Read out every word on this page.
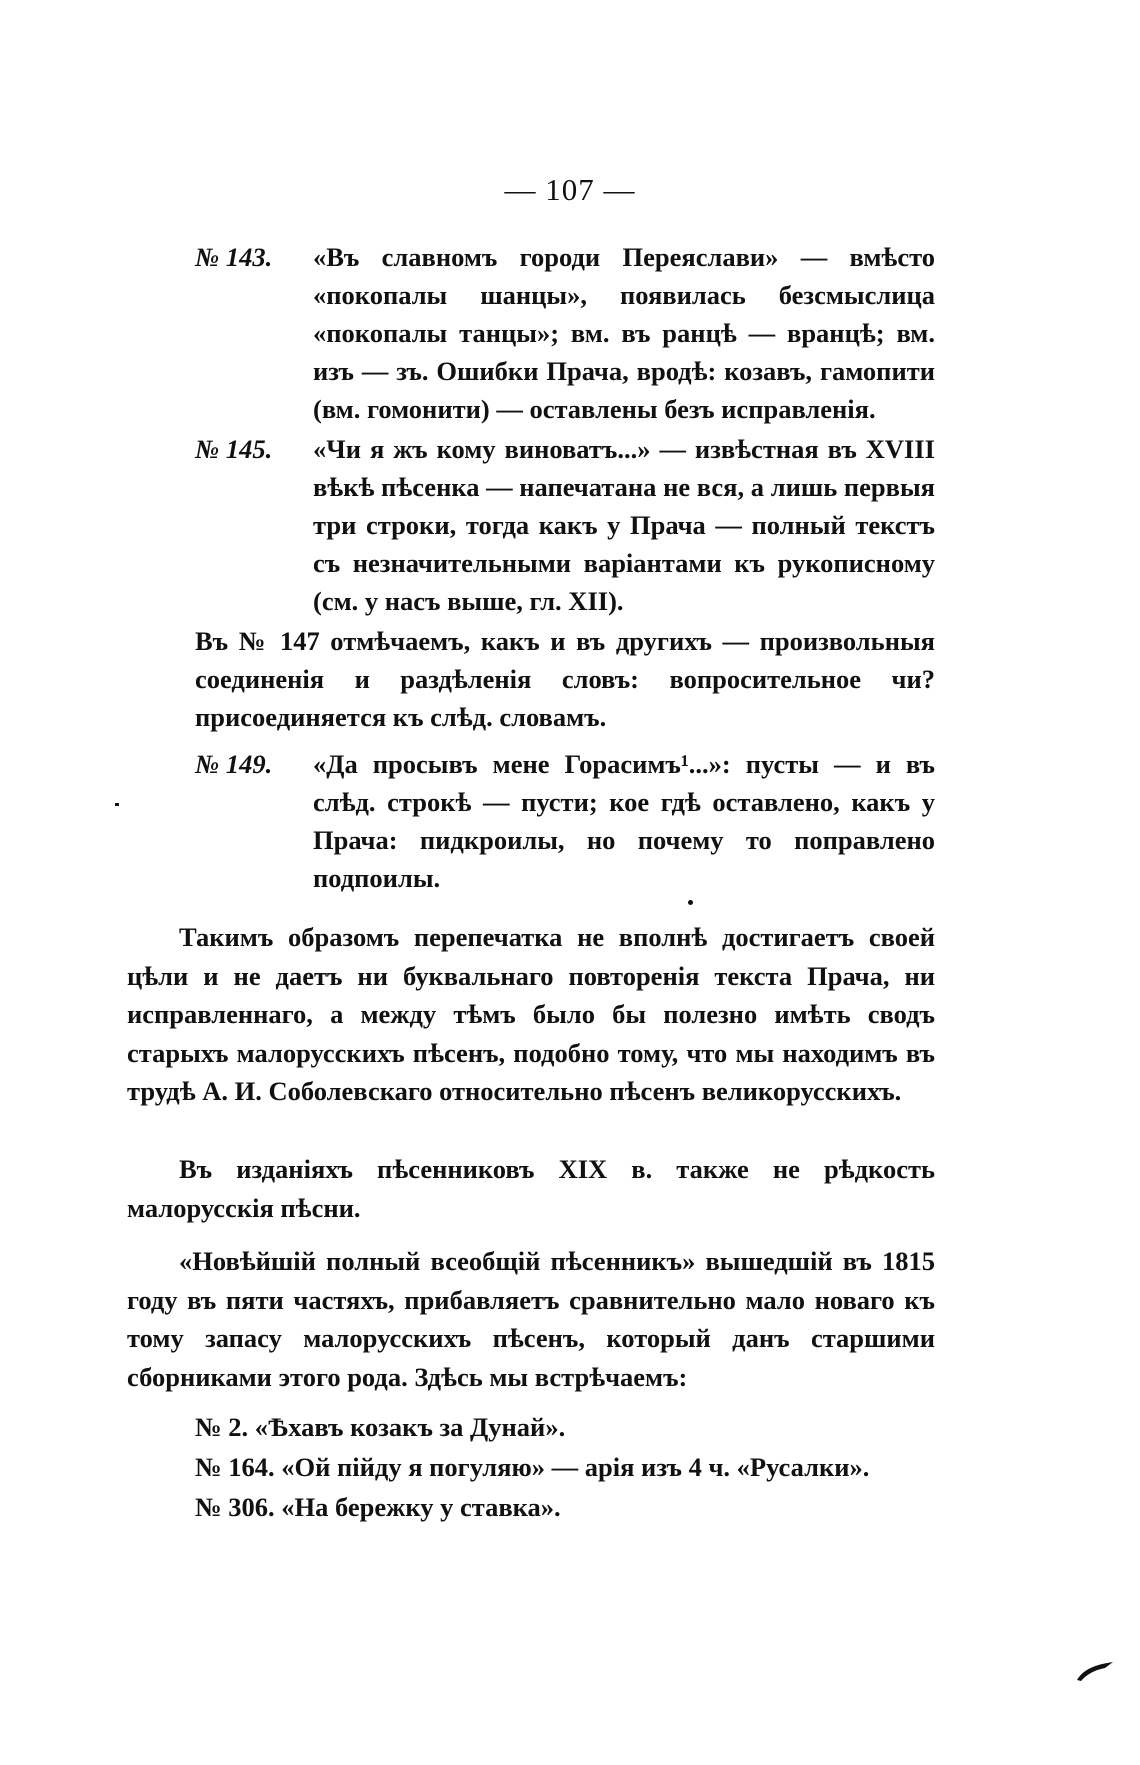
— 107 —
№ 143. «Въ славномъ городи Переяслави» — вмѣсто «покопалы шанцы», появилась безсмыслица «покопалы танцы»; вм. въ ранцѣ — вранцѣ; вм. изъ — зъ. Ошибки Прача, вродѣ: козавъ, гамопити (вм. гомонити) — оставлены безъ исправленія.
№ 145. «Чи я жъ кому виноватъ...» — извѣстная въ XVIII вѣкѣ пѣсенка — напечатана не вся, а лишь первыя три строки, тогда какъ у Прача — полный текстъ съ незначительными варіантами къ рукописному (см. у насъ выше, гл. XII).
Въ № 147 отмѣчаемъ, какъ и въ другихъ — произвольныя соединенія и раздѣленія словъ: вопросительное чи? присоединяется къ слѣд. словамъ.
№ 149. «Да просывъ мене Горасимъ¹...»: пусты — и въ слѣд. строкѣ — пусти; кое гдѣ оставлено, какъ у Прача: пидкроилы, но почему то поправлено подпоилы.
Такимъ образомъ перепечатка не вполнѣ достигаетъ своей цѣли и не даетъ ни буквальнаго повторенія текста Прача, ни исправленнаго, а между тѣмъ было бы полезно имѣть сводъ старыхъ малорусскихъ пѣсенъ, подобно тому, что мы находимъ въ трудѣ А. И. Соболевскаго относительно пѣсенъ великорусскихъ.
Въ изданіяхъ пѣсенниковъ XIX в. также не рѣдкость малорусскія пѣсни.
«Новѣйшій полный всеобщій пѣсенникъ» вышедшій въ 1815 году въ пяти частяхъ, прибавляетъ сравнительно мало новаго къ тому запасу малорусскихъ пѣсенъ, который данъ старшими сборниками этого рода. Здѣсь мы встрѣчаемъ:
№ 2. «Ѣхавъ козакъ за Дунай».
№ 164. «Ой пійду я погуляю» — арія изъ 4 ч. «Русалки».
№ 306. «На бережку у ставка».
